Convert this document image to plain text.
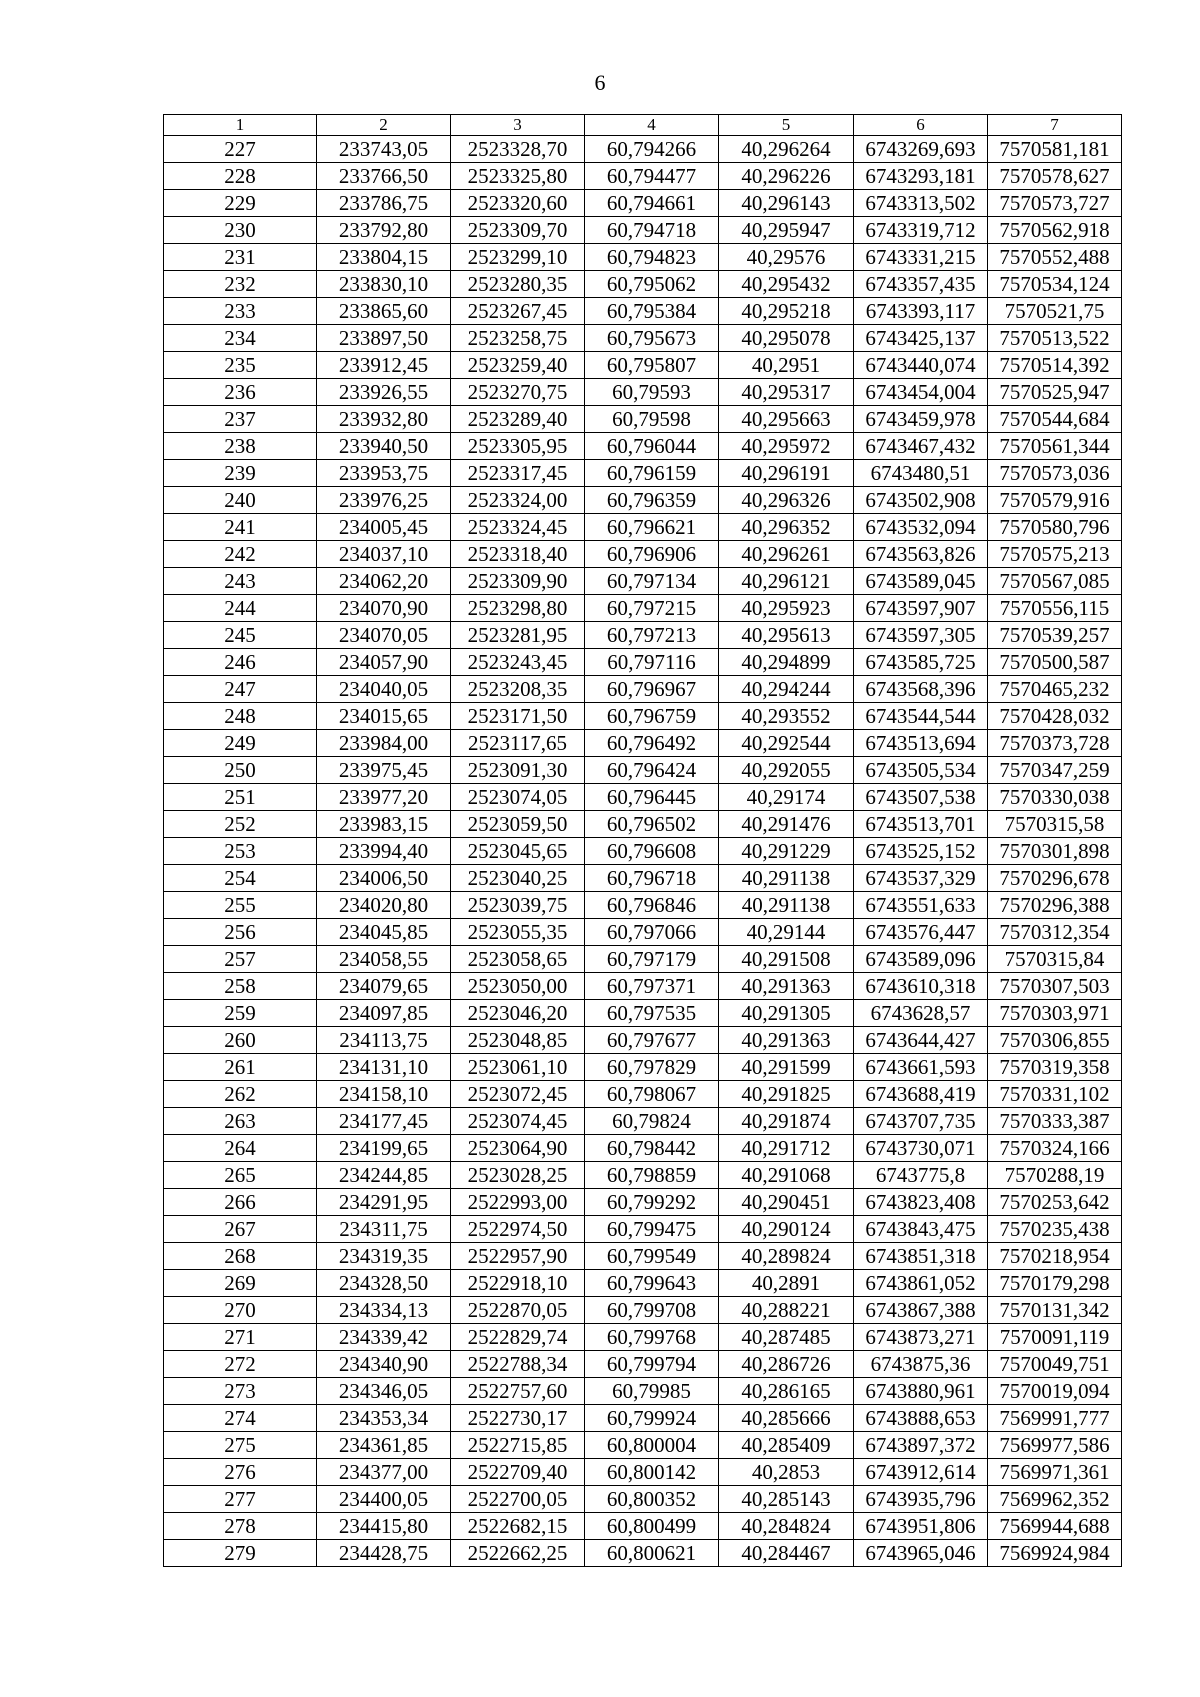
6
1	2	3	4	5	6	7
227	233743,05	2523328,70	60,794266	40,296264	6743269,693	7570581,181
228	233766,50	2523325,80	60,794477	40,296226	6743293,181	7570578,627
229	233786,75	2523320,60	60,794661	40,296143	6743313,502	7570573,727
230	233792,80	2523309,70	60,794718	40,295947	6743319,712	7570562,918
231	233804,15	2523299,10	60,794823	40,29576	6743331,215	7570552,488
232	233830,10	2523280,35	60,795062	40,295432	6743357,435	7570534,124
233	233865,60	2523267,45	60,795384	40,295218	6743393,117	7570521,75
234	233897,50	2523258,75	60,795673	40,295078	6743425,137	7570513,522
235	233912,45	2523259,40	60,795807	40,2951	6743440,074	7570514,392
236	233926,55	2523270,75	60,79593	40,295317	6743454,004	7570525,947
237	233932,80	2523289,40	60,79598	40,295663	6743459,978	7570544,684
238	233940,50	2523305,95	60,796044	40,295972	6743467,432	7570561,344
239	233953,75	2523317,45	60,796159	40,296191	6743480,51	7570573,036
240	233976,25	2523324,00	60,796359	40,296326	6743502,908	7570579,916
241	234005,45	2523324,45	60,796621	40,296352	6743532,094	7570580,796
242	234037,10	2523318,40	60,796906	40,296261	6743563,826	7570575,213
243	234062,20	2523309,90	60,797134	40,296121	6743589,045	7570567,085
244	234070,90	2523298,80	60,797215	40,295923	6743597,907	7570556,115
245	234070,05	2523281,95	60,797213	40,295613	6743597,305	7570539,257
246	234057,90	2523243,45	60,797116	40,294899	6743585,725	7570500,587
247	234040,05	2523208,35	60,796967	40,294244	6743568,396	7570465,232
248	234015,65	2523171,50	60,796759	40,293552	6743544,544	7570428,032
249	233984,00	2523117,65	60,796492	40,292544	6743513,694	7570373,728
250	233975,45	2523091,30	60,796424	40,292055	6743505,534	7570347,259
251	233977,20	2523074,05	60,796445	40,29174	6743507,538	7570330,038
252	233983,15	2523059,50	60,796502	40,291476	6743513,701	7570315,58
253	233994,40	2523045,65	60,796608	40,291229	6743525,152	7570301,898
254	234006,50	2523040,25	60,796718	40,291138	6743537,329	7570296,678
255	234020,80	2523039,75	60,796846	40,291138	6743551,633	7570296,388
256	234045,85	2523055,35	60,797066	40,29144	6743576,447	7570312,354
257	234058,55	2523058,65	60,797179	40,291508	6743589,096	7570315,84
258	234079,65	2523050,00	60,797371	40,291363	6743610,318	7570307,503
259	234097,85	2523046,20	60,797535	40,291305	6743628,57	7570303,971
260	234113,75	2523048,85	60,797677	40,291363	6743644,427	7570306,855
261	234131,10	2523061,10	60,797829	40,291599	6743661,593	7570319,358
262	234158,10	2523072,45	60,798067	40,291825	6743688,419	7570331,102
263	234177,45	2523074,45	60,79824	40,291874	6743707,735	7570333,387
264	234199,65	2523064,90	60,798442	40,291712	6743730,071	7570324,166
265	234244,85	2523028,25	60,798859	40,291068	6743775,8	7570288,19
266	234291,95	2522993,00	60,799292	40,290451	6743823,408	7570253,642
267	234311,75	2522974,50	60,799475	40,290124	6743843,475	7570235,438
268	234319,35	2522957,90	60,799549	40,289824	6743851,318	7570218,954
269	234328,50	2522918,10	60,799643	40,2891	6743861,052	7570179,298
270	234334,13	2522870,05	60,799708	40,288221	6743867,388	7570131,342
271	234339,42	2522829,74	60,799768	40,287485	6743873,271	7570091,119
272	234340,90	2522788,34	60,799794	40,286726	6743875,36	7570049,751
273	234346,05	2522757,60	60,79985	40,286165	6743880,961	7570019,094
274	234353,34	2522730,17	60,799924	40,285666	6743888,653	7569991,777
275	234361,85	2522715,85	60,800004	40,285409	6743897,372	7569977,586
276	234377,00	2522709,40	60,800142	40,2853	6743912,614	7569971,361
277	234400,05	2522700,05	60,800352	40,285143	6743935,796	7569962,352
278	234415,80	2522682,15	60,800499	40,284824	6743951,806	7569944,688
279	234428,75	2522662,25	60,800621	40,284467	6743965,046	7569924,984
